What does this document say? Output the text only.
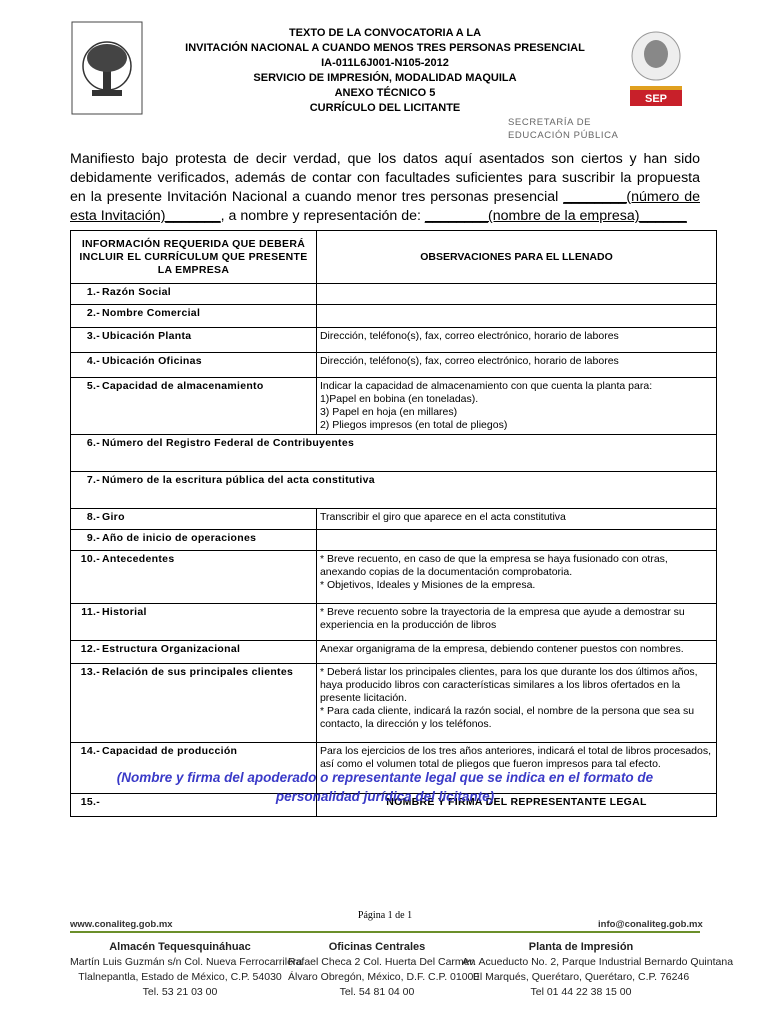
TEXTO DE LA CONVOCATORIA A LA
INVITACIÓN NACIONAL A CUANDO MENOS TRES PERSONAS PRESENCIAL
IA-011L6J001-N105-2012
SERVICIO DE IMPRESIÓN, MODALIDAD MAQUILA
ANEXO TÉCNICO 5
CURRÍCULO DEL LICITANTE
SEP
SECRETARÍA DE
EDUCACIÓN PÚBLICA
Manifiesto bajo protesta de decir verdad, que los datos aquí asentados son ciertos y han sido debidamente verificados, además de contar con facultades suficientes para suscribir la propuesta en la presente Invitación Nacional a cuando menor tres personas presencial ________(número de esta Invitación)_______, a nombre y representación de: ________(nombre de la empresa)______
INFORMACIÓN REQUERIDA QUE DEBERÁ INCLUIR EL CURRÍCULUM QUE PRESENTE LA EMPRESA	OBSERVACIONES PARA EL LLENADO
1.- Razón Social	
2.- Nombre Comercial	
3.- Ubicación Planta	Dirección, teléfono(s), fax, correo electrónico, horario de labores
4.- Ubicación Oficinas	Dirección, teléfono(s), fax, correo electrónico, horario de labores
5.- Capacidad de almacenamiento	Indicar la capacidad de almacenamiento con que cuenta la planta para:
1)Papel en bobina (en toneladas).
3) Papel en hoja (en millares)
2) Pliegos impresos (en total de pliegos)
6.- Número del Registro Federal de Contribuyentes	
7.- Número de la escritura pública del acta constitutiva	
8.- Giro	Transcribir el giro que aparece en el acta constitutiva
9.- Año de inicio de operaciones	
10.- Antecedentes	* Breve recuento, en caso de que la empresa se haya fusionado con otras, anexando copias de la documentación comprobatoria.
* Objetivos, Ideales y Misiones de la empresa.
11.- Historial	* Breve recuento sobre la trayectoria de la empresa que ayude a demostrar su experiencia en la producción de libros
12.- Estructura Organizacional	Anexar organigrama de la empresa, debiendo contener puestos con nombres.
13.- Relación de sus principales clientes	* Deberá listar los principales clientes, para los que durante los dos últimos años, haya producido libros con características similares a los libros ofertados en la presente licitación.
* Para cada cliente, indicará la razón social, el nombre de la persona que sea su contacto, la dirección y los teléfonos.
14.- Capacidad de producción	Para los ejercicios de los tres años anteriores, indicará el total de libros procesados, así como el volumen total de pliegos que fueron impresos para tal efecto.
15.-	NOMBRE Y FIRMA DEL REPRESENTANTE LEGAL
(Nombre y firma del apoderado o representante legal que se indica en el formato de personalidad jurídica del licitante)
Página 1 de 1
www.conaliteg.gob.mx	info@conaliteg.gob.mx
Almacén Tequesquináhuac
Martín Luis Guzmán s/n Col. Nueva Ferrocarrilera
Tlalnepantla, Estado de México, C.P. 54030
Tel. 53 21 03 00
Oficinas Centrales
Rafael Checa 2 Col. Huerta Del Carmen
Álvaro Obregón, México, D.F. C.P. 01000
Tel. 54 81 04 00
Planta de Impresión
Av. Acueducto No. 2, Parque Industrial Bernardo Quintana
El Marqués, Querétaro, Querétaro, C.P. 76246
Tel 01 44 22 38 15 00
